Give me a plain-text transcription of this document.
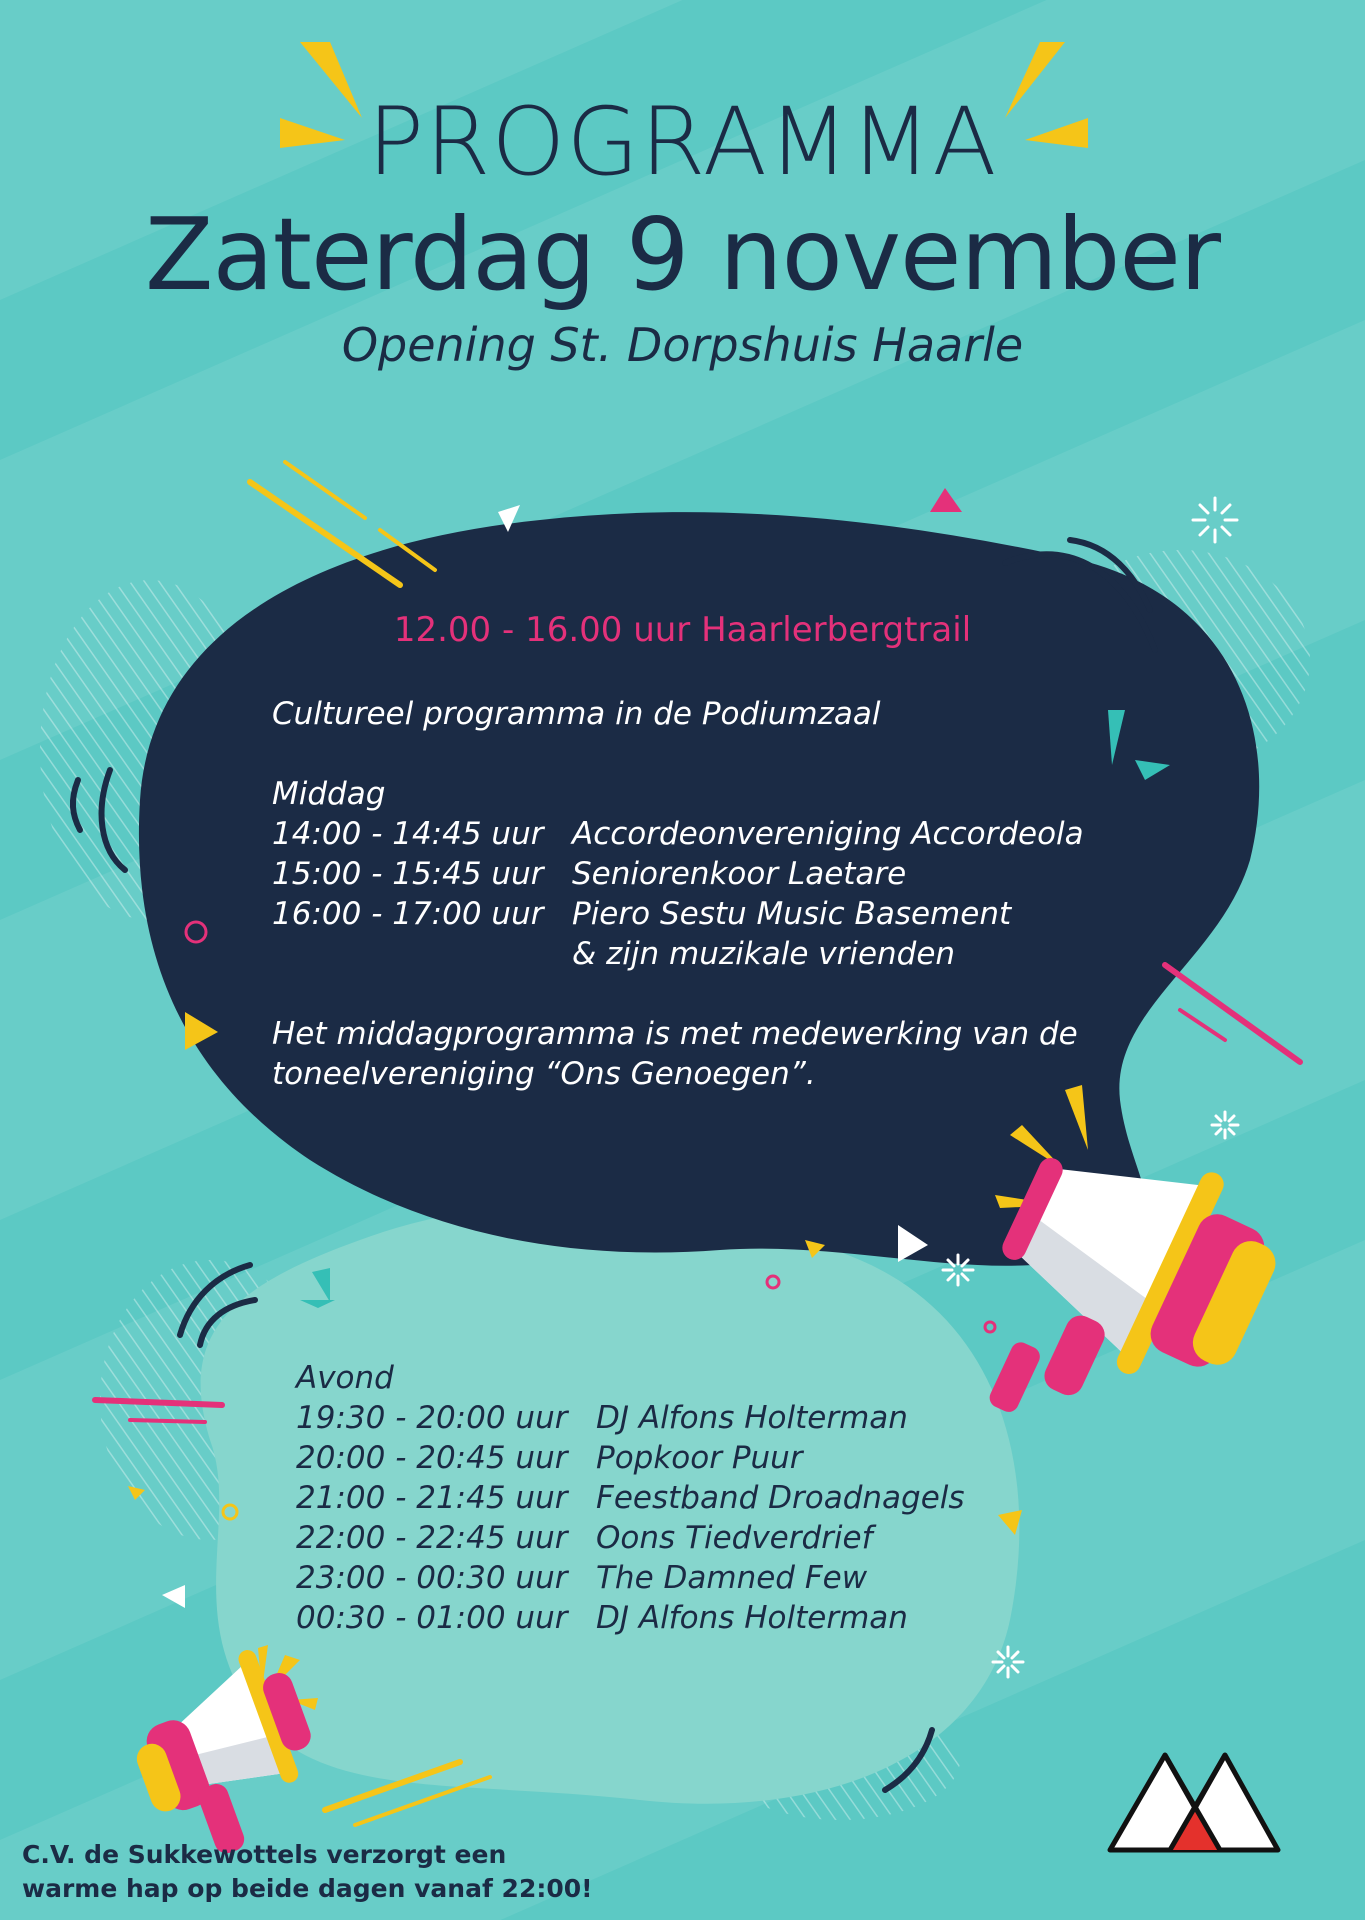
PROGRAMMA
Zaterdag 9 november
Opening St. Dorpshuis Haarle
12.00 - 16.00 uur Haarlerbergtrail
Cultureel programma in de Podiumzaal
Middag
14:00 - 14:45 uur Accordeonvereniging Accordeola
15:00 - 15:45 uur Seniorenkoor Laetare
16:00 - 17:00 uur Piero Sestu Music Basement
& zijn muzikale vrienden
Het middagprogramma is met medewerking van de
toneelvereniging “Ons Genoegen”.
Avond
19:30 - 20:00 uur DJ Alfons Holterman
20:00 - 20:45 uur Popkoor Puur
21:00 - 21:45 uur Feestband Droadnagels
22:00 - 22:45 uur Oons Tiedverdrief
23:00 - 00:30 uur The Damned Few
00:30 - 01:00 uur DJ Alfons Holterman
C.V. de Sukkewottels verzorgt een
warme hap op beide dagen vanaf 22:00!
